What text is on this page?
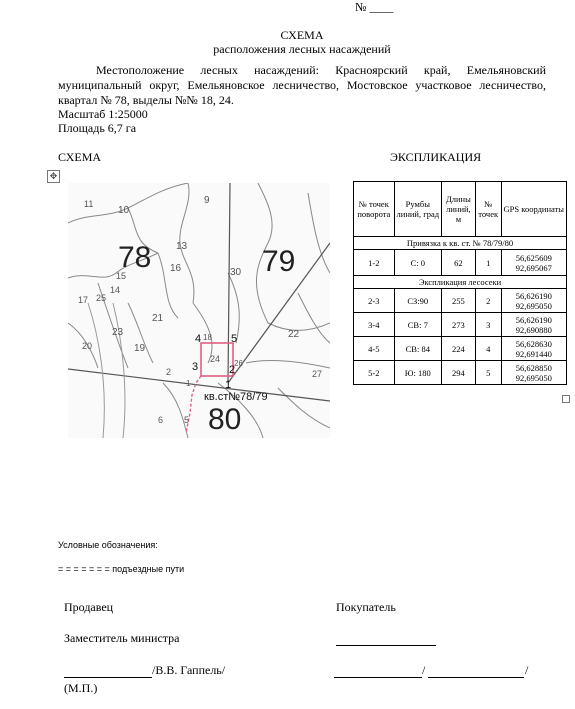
№ ____
СХЕМА
расположения лесных насаждений
Местоположение лесных насаждений: Красноярский край, Емельяновский
муниципальный округ, Емельяновское лесничество, Мостовское участковое лесничество,
квартал № 78, выделы №№ 18, 24.
Масштаб 1:25000
Площадь 6,7 га
СХЕМА	ЭКСПЛИКАЦИЯ
✥
78	79
80
кв.ст№78/79
1
2
3
4	5
11
10
9
13
14
15
16	30
17 25
20
21
23	22
19
24
18
26
27
1
2
5
6
№ точек поворота	Румбы линий, град	Длины линий, м	№ точек	GPS координаты
Привязка к кв. ст. № 78/79/80				
1-2	С: 0	62	1	56,625609
92,695067
Экспликация лесосеки				
2-3	СЗ:90	255	2	56,626190
92,695050
3-4	СВ: 7	273	3	56,626190
92,690880
4-5	СВ: 84	224	4	56,628630
92,691440
5-2	Ю: 180	294	5	56,628850
92,695050
Условные обозначения:
= = = = = = = подъездные пути
Продавец	Покупатель
Заместитель министра
/В.В. Гаппель/
(М.П.)
/	/
